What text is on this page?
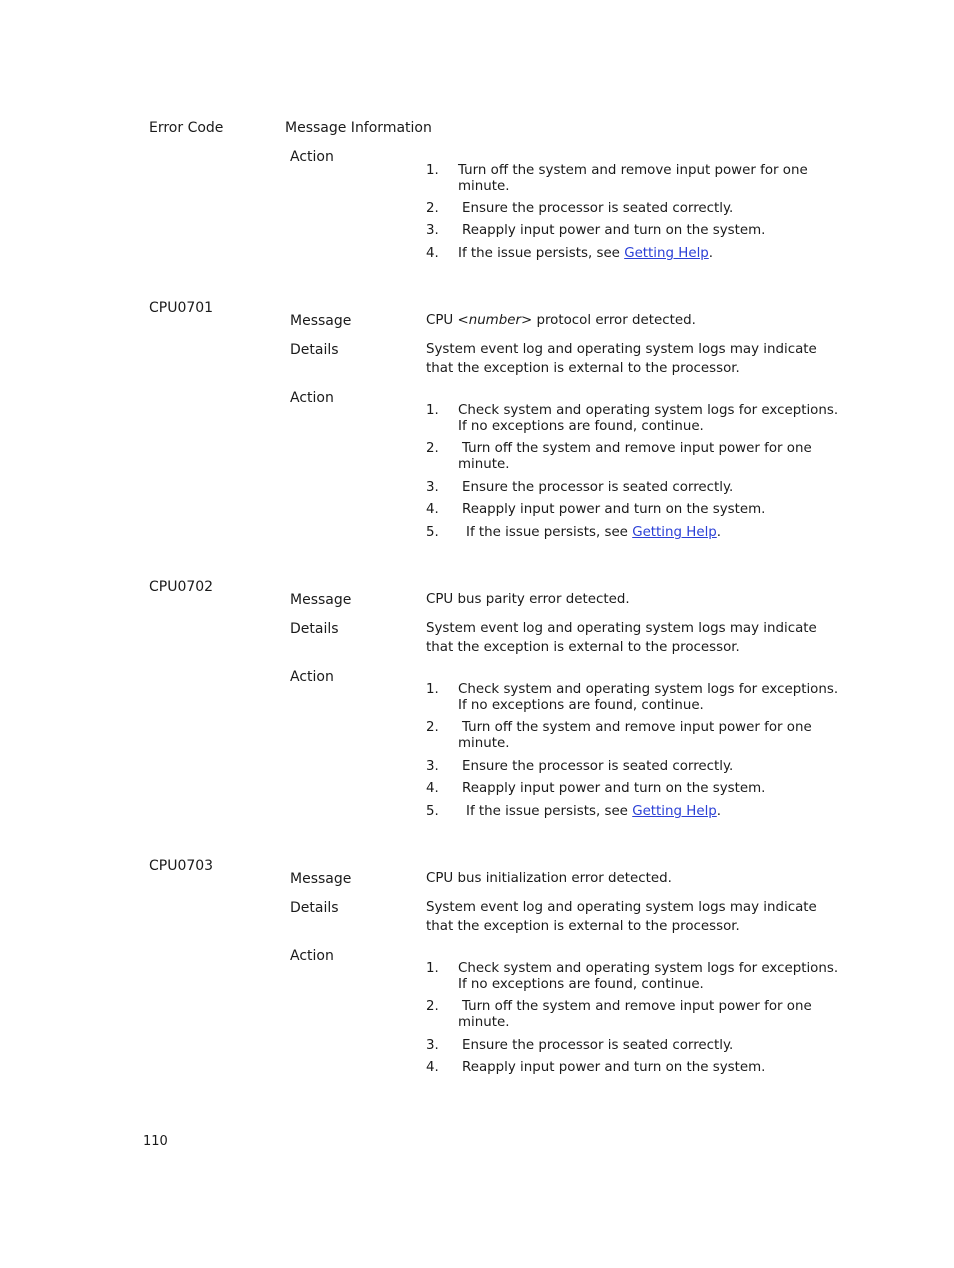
Error Code	Message Information
Action
1. Turn off the system and remove input power for one
minute.
2. Ensure the processor is seated correctly.
3. Reapply input power and turn on the system.
4. If the issue persists, see Getting Help.
CPU0701
Message	CPU <number> protocol error detected.
Details	System event log and operating system logs may indicate
that the exception is external to the processor.
Action
1. Check system and operating system logs for exceptions.
If no exceptions are found, continue.
2. Turn off the system and remove input power for one
minute.
3. Ensure the processor is seated correctly.
4. Reapply input power and turn on the system.
5. If the issue persists, see Getting Help.
CPU0702
Message	CPU bus parity error detected.
Details	System event log and operating system logs may indicate
that the exception is external to the processor.
Action
1. Check system and operating system logs for exceptions.
If no exceptions are found, continue.
2. Turn off the system and remove input power for one
minute.
3. Ensure the processor is seated correctly.
4. Reapply input power and turn on the system.
5. If the issue persists, see Getting Help.
CPU0703
Message	CPU bus initialization error detected.
Details	System event log and operating system logs may indicate
that the exception is external to the processor.
Action
1. Check system and operating system logs for exceptions.
If no exceptions are found, continue.
2. Turn off the system and remove input power for one
minute.
3. Ensure the processor is seated correctly.
4. Reapply input power and turn on the system.
110
